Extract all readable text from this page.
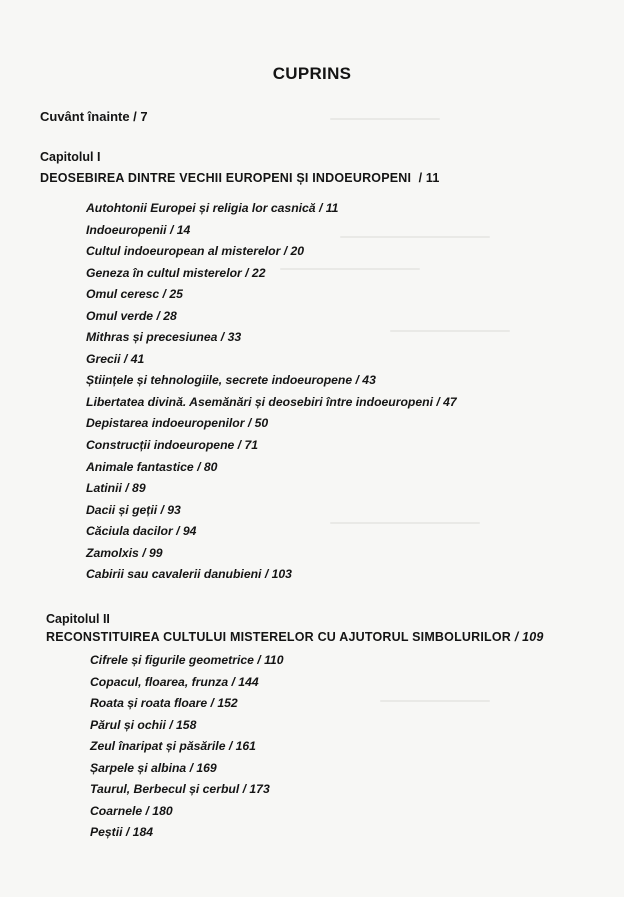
CUPRINS
Cuvânt înainte / 7
Capitolul I
DEOSEBIREA DINTRE VECHII EUROPENI ȘI INDOEUROPENI / 11
Autohtonii Europei și religia lor casnică / 11
Indoeuropenii / 14
Cultul indoeuropean al misterelor / 20
Geneza în cultul misterelor / 22
Omul ceresc / 25
Omul verde / 28
Mithras și precesiunea / 33
Grecii / 41
Științele și tehnologiile, secrete indoeuropene / 43
Libertatea divină. Asemănări și deosebiri între indoeuropeni / 47
Depistarea indoeuropenilor / 50
Construcții indoeuropene / 71
Animale fantastice / 80
Latinii / 89
Dacii și geții / 93
Căciula dacilor / 94
Zamolxis / 99
Cabirii sau cavalerii danubieni / 103
Capitolul II
RECONSTITUIREA CULTULUI MISTERELOR CU AJUTORUL SIMBOLURILOR / 109
Cifrele și figurile geometrice / 110
Copacul, floarea, frunza / 144
Roata și roata floare / 152
Părul și ochii / 158
Zeul înaripat și păsările / 161
Șarpele și albina / 169
Taurul, Berbecul și cerbul / 173
Coarnele / 180
Peștii / 184
